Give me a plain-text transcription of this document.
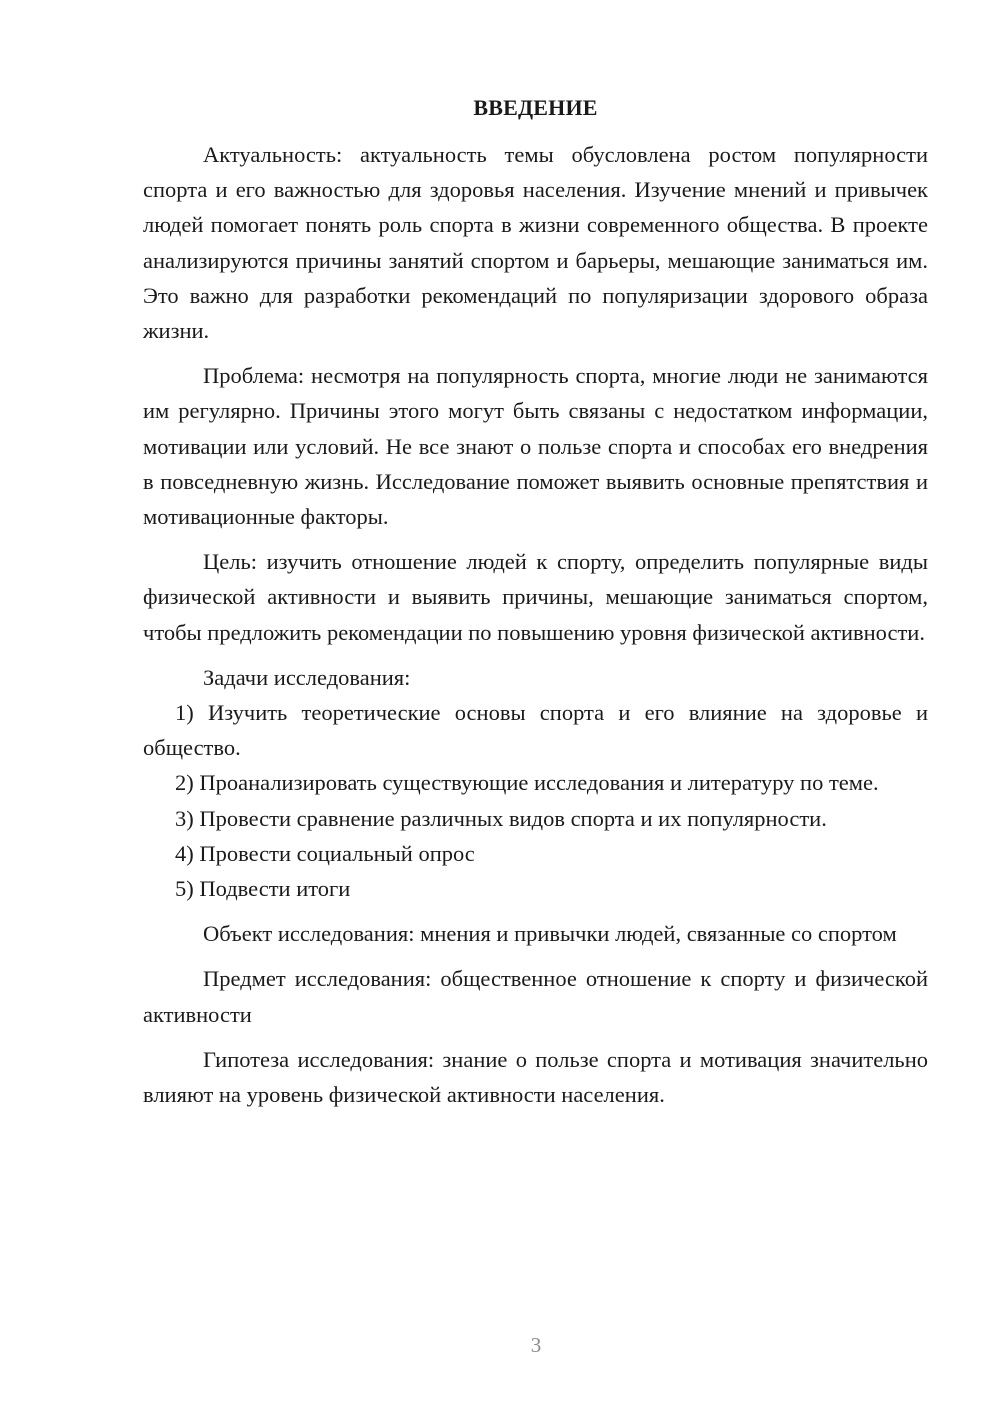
ВВЕДЕНИЕ

Актуальность: актуальность темы обусловлена ростом популярности спорта и его важностью для здоровья населения. Изучение мнений и привычек людей помогает понять роль спорта в жизни современного общества. В проекте анализируются причины занятий спортом и барьеры, мешающие заниматься им. Это важно для разработки рекомендаций по популяризации здорового образа жизни.

Проблема: несмотря на популярность спорта, многие люди не занимаются им регулярно. Причины этого могут быть связаны с недостатком информации, мотивации или условий. Не все знают о пользе спорта и способах его внедрения в повседневную жизнь. Исследование поможет выявить основные препятствия и мотивационные факторы.

Цель: изучить отношение людей к спорту, определить популярные виды физической активности и выявить причины, мешающие заниматься спортом, чтобы предложить рекомендации по повышению уровня физической активности.

Задачи исследования:

1) Изучить теоретические основы спорта и его влияние на здоровье и общество.

2) Проанализировать существующие исследования и литературу по теме.

3) Провести сравнение различных видов спорта и их популярности.

4) Провести социальный опрос

5) Подвести итоги

Объект исследования: мнения и привычки людей, связанные со спортом

Предмет исследования: общественное отношение к спорту и физической активности

Гипотеза исследования: знание о пользе спорта и мотивация значительно влияют на уровень физической активности населения.

3
